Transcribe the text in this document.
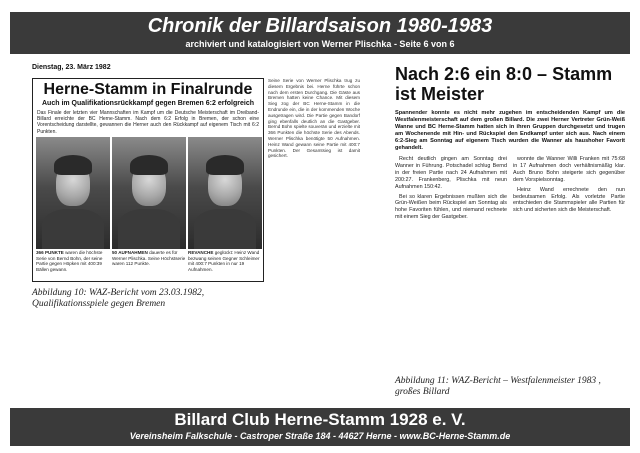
Chronik der Billardsaison 1980-1983
archiviert und katalogisiert von Werner Plischka - Seite 6 von 6
Dienstag, 23. März 1982
Herne-Stamm in Finalrunde
Auch im Qualifikationsrückkampf gegen Bremen 6:2 erfolgreich
Das Finale der letzten vier Mannschaften im Kampf um die Deutsche Meisterschaft im Dreiband-Billard erreichte der BC Herne-Stamm. Nach dem 6:2 Erfolg in Bremen, der schon eine Vorentscheidung darstellte, gewannen die Herner auch den Rückkampf auf eigenem Tisch mit 6:2 Punkten.
366 PUNKTE waren die höchste Serie von Bernd Bohn, der seine Partie gegen Höpken mit 400:39 Bällen gewann.
50 AUFNAHMEN dauerte es für Werner Plischka. Seine Höchstserie waren 112 Punkte.
REVANCHE geglückt: Heinz Wand bezwang seinen Gegner Schleimer mit 400:7 Punkten in nur 19 Aufnahmen.
Seine Serie von Werner Plischka trug zu diesem Ergebnis bei. Herne führte schon nach dem ersten Durchgang. Die Gäste aus Bremen hatten keine Chance. Mit diesem Sieg zog der BC Herne-Stamm in die Endrunde ein, die in der kommenden Woche ausgetragen wird. Die Partie gegen Bandorf ging ebenfalls deutlich an die Gastgeber. Bernd Bohn spielte souverän und erzielte mit 366 Punkten die höchste Serie des Abends. Werner Plischka benötigte 50 Aufnahmen. Heinz Wand gewann seine Partie mit 400:7 Punkten. Der Gesamtsieg ist damit gesichert.
Abbildung 10: WAZ-Bericht vom 23.03.1982, Qualifikationsspiele gegen Bremen
Nach 2:6 ein 8:0 – Stamm ist Meister
Spannender konnte es nicht mehr zugehen im entscheidenden Kampf um die Westfalenmeisterschaft auf dem großen Billard. Die zwei Herner Vertreter Grün-Weiß Wanne und BC Herne-Stamm hatten sich in ihren Gruppen durchgesetzt und trugen am Wochenende mit Hin- und Rückspiel den Endkampf unter sich aus. Nach einem 6:2-Sieg am Sonntag auf eigenem Tisch wurden die Wanner als haushoher Favorit gehandelt.

Recht deutlich gingen am Sonntag drei Wanner in Führung. Potschadel schlug Bernd in der freien Partie nach 24 Aufnahmen mit 200:27. Frankenberg, Plischka mit neun Aufnahmen 150:42.

Bei so klaren Ergebnissen mußten sich die Grün-Weißen beim Rückspiel am Sonntag als hohe Favoriten fühlen, und niemand rechnete mit einem Sieg der Gastgeber.

wonnte die Wanner Willi Franken mit 75:68 in 17 Aufnahmen doch verhältnismäßig klar. Auch Bruno Bohn steigerte sich gegenüber dem Vorspielsonntag.

Heinz Wand errechnete den nun bedeutsamen Erfolg. Als vorletzte Partie entschieden die Stammspieler alle Partien für sich und sicherten sich die Meisterschaft.

Abbildung 11: WAZ-Bericht – Westfalenmeister 1983 , großes Billard
Billard Club Herne-Stamm 1928 e. V.
Vereinsheim Falkschule - Castroper Straße 184 - 44627 Herne - www.BC-Herne-Stamm.de
